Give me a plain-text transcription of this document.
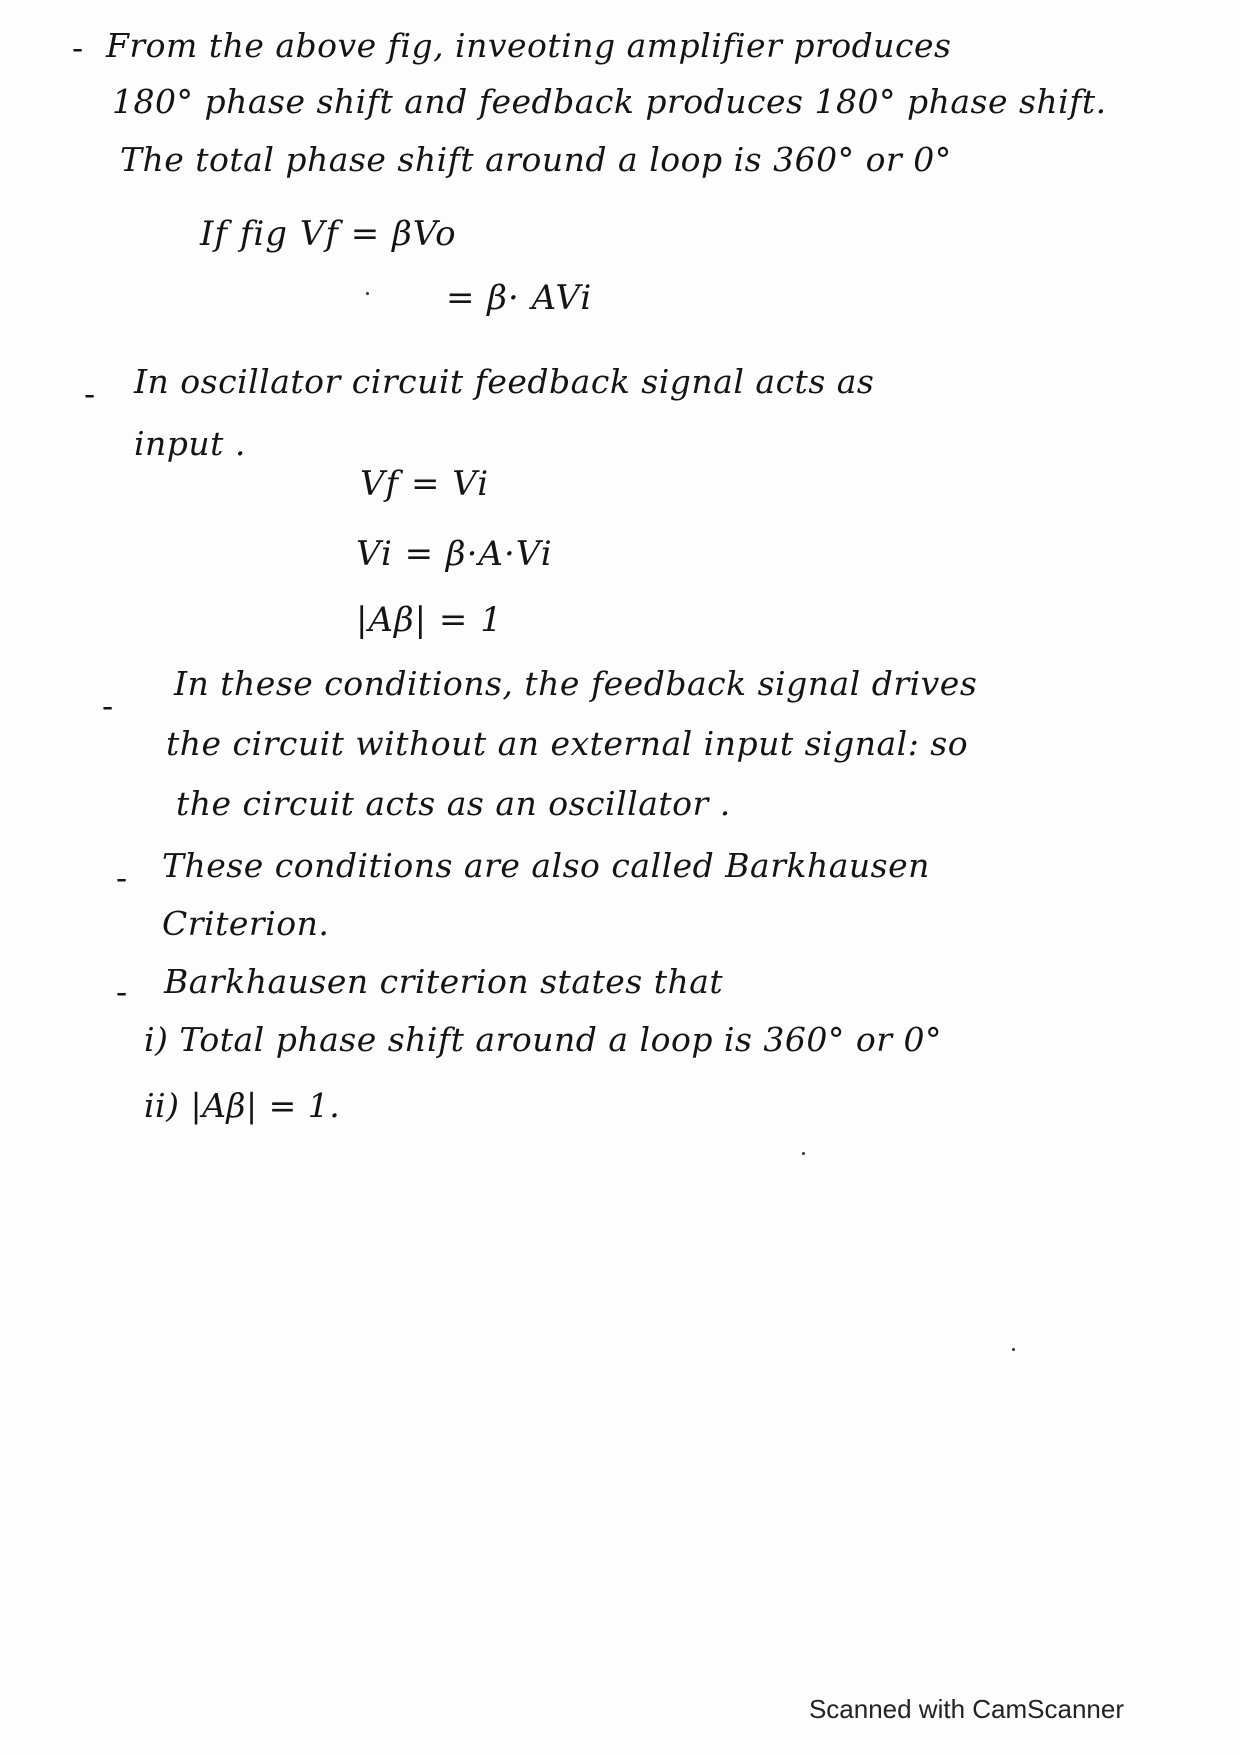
- From the above fig, inveoting amplifier produces
180° phase shift and feedback produces 180° phase shift.
The total phase shift around a loop is 360° or 0°
If fig Vf = βVo
= β· AVi
- In oscillator circuit feedback signal acts as
input .
Vf = Vi
Vi = β·A·Vi
|Aβ| = 1
-
In these conditions, the feedback signal drives
the circuit without an external input signal: so
the circuit acts as an oscillator .
- These conditions are also called Barkhausen
Criterion.
- Barkhausen criterion states that
i) Total phase shift around a loop is 360° or 0°
ii) |Aβ| = 1.
Scanned with CamScanner
